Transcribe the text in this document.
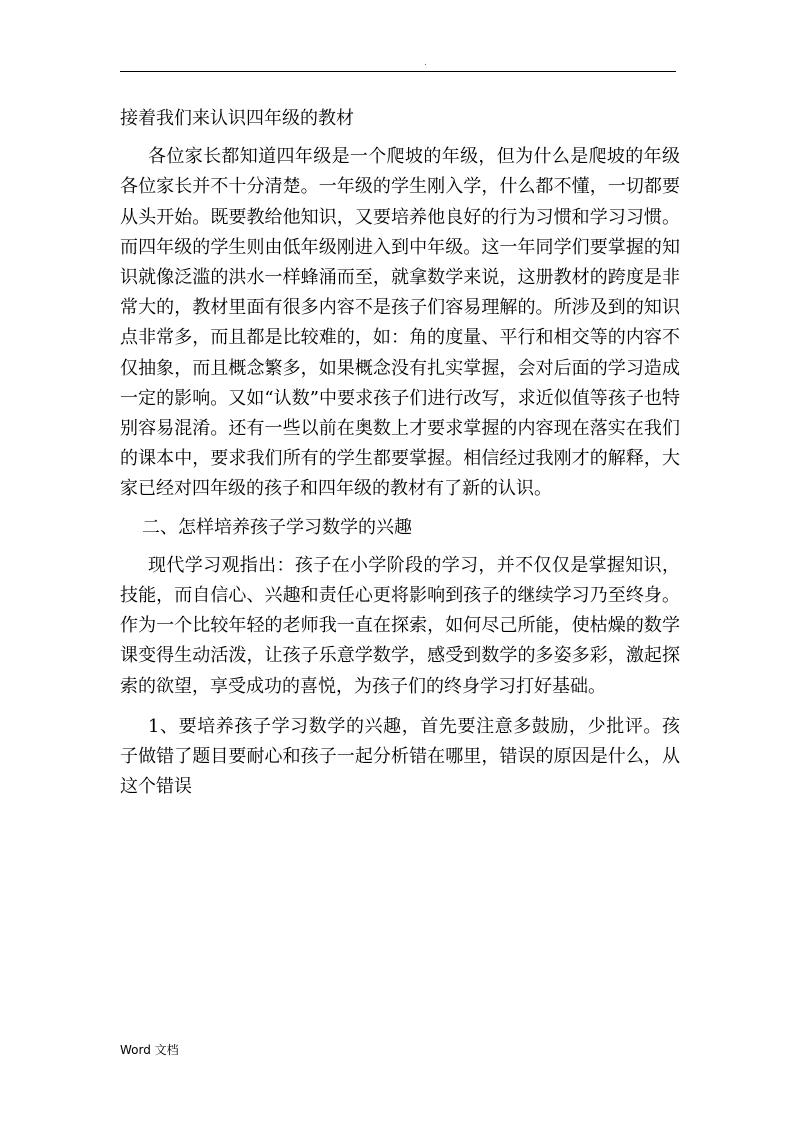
.

接着我们来认识四年级的教材

各位家长都知道四年级是一个爬坡的年级，但为什么是爬坡的年级各位家长并不十分清楚。一年级的学生刚入学，什么都不懂，一切都要从头开始。既要教给他知识，又要培养他良好的行为习惯和学习习惯。而四年级的学生则由低年级刚进入到中年级。这一年同学们要掌握的知识就像泛滥的洪水一样蜂涌而至，就拿数学来说，这册教材的跨度是非常大的，教材里面有很多内容不是孩子们容易理解的。所涉及到的知识点非常多，而且都是比较难的，如：角的度量、平行和相交等的内容不仅抽象，而且概念繁多，如果概念没有扎实掌握，会对后面的学习造成一定的影响。又如“认数”中要求孩子们进行改写，求近似值等孩子也特别容易混淆。还有一些以前在奥数上才要求掌握的内容现在落实在我们的课本中，要求我们所有的学生都要掌握。相信经过我刚才的解释，大家已经对四年级的孩子和四年级的教材有了新的认识。

二、怎样培养孩子学习数学的兴趣

现代学习观指出：孩子在小学阶段的学习，并不仅仅是掌握知识，技能，而自信心、兴趣和责任心更将影响到孩子的继续学习乃至终身。作为一个比较年轻的老师我一直在探索，如何尽己所能，使枯燥的数学课变得生动活泼，让孩子乐意学数学，感受到数学的多姿多彩，激起探索的欲望，享受成功的喜悦，为孩子们的终身学习打好基础。

1、要培养孩子学习数学的兴趣，首先要注意多鼓励，少批评。孩子做错了题目要耐心和孩子一起分析错在哪里，错误的原因是什么，从这个错误

Word 文档
